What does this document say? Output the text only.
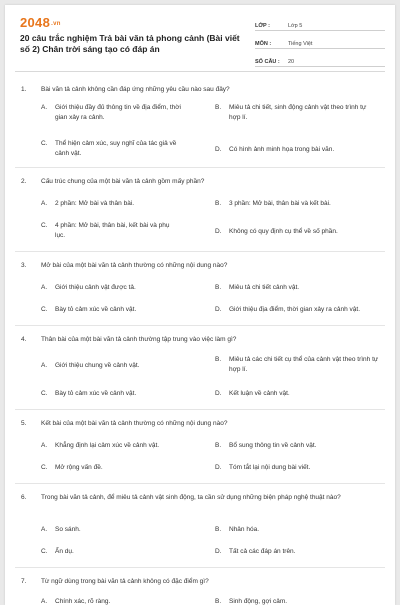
2048.vn
20 câu trắc nghiệm Trả bài văn tả phong cảnh (Bài viết số 2) Chân trời sáng tạo có đáp án
LỚP :	Lớp 5
MÔN :	Tiếng Việt
SỐ CÂU :	20
1. Bài văn tả cảnh không cần đáp ứng những yêu cầu nào sau đây?
A.	Giới thiệu đầy đủ thông tin về địa điểm, thời gian xảy ra cảnh.
B.	Miêu tả chi tiết, sinh động cảnh vật theo trình tự hợp lí.
C.	Thể hiện cảm xúc, suy nghĩ của tác giả về cảnh vật.
D.	Có hình ảnh minh họa trong bài văn.
2. Cấu trúc chung của một bài văn tả cảnh gồm mấy phần?
A.	2 phần: Mở bài và thân bài.	B.	3 phần: Mở bài, thân bài và kết bài.
C.	4 phần: Mở bài, thân bài, kết bài và phụ lục.
D.	Không có quy định cụ thể về số phần.
3. Mở bài của một bài văn tả cảnh thường có những nội dung nào?
A.	Giới thiệu cảnh vật được tả.	B.	Miêu tả chi tiết cảnh vật.
C.	Bày tỏ cảm xúc về cảnh vật.	D.	Giới thiệu địa điểm, thời gian xảy ra cảnh vật.
4. Thân bài của một bài văn tả cảnh thường tập trung vào việc làm gì?
A.	Giới thiệu chung về cảnh vật.
B.	Miêu tả các chi tiết cụ thể của cảnh vật theo trình tự hợp lí.
C.	Bày tỏ cảm xúc về cảnh vật.	D.	Kết luận về cảnh vật.
5. Kết bài của một bài văn tả cảnh thường có những nội dung nào?
A.	Khẳng định lại cảm xúc về cảnh vật.	B.	Bổ sung thông tin về cảnh vật.
C.	Mở rộng vấn đề.	D.	Tóm tắt lại nội dung bài viết.
6. Trong bài văn tả cảnh, để miêu tả cảnh vật sinh động, ta cần sử dụng những biện pháp nghệ thuật nào?
A.	So sánh.	B.	Nhân hóa.
C.	Ẩn dụ.	D.	Tất cả các đáp án trên.
7. Từ ngữ dùng trong bài văn tả cảnh không có đặc điểm gì?
A.	Chính xác, rõ ràng.	B.	Sinh động, gợi cảm.
